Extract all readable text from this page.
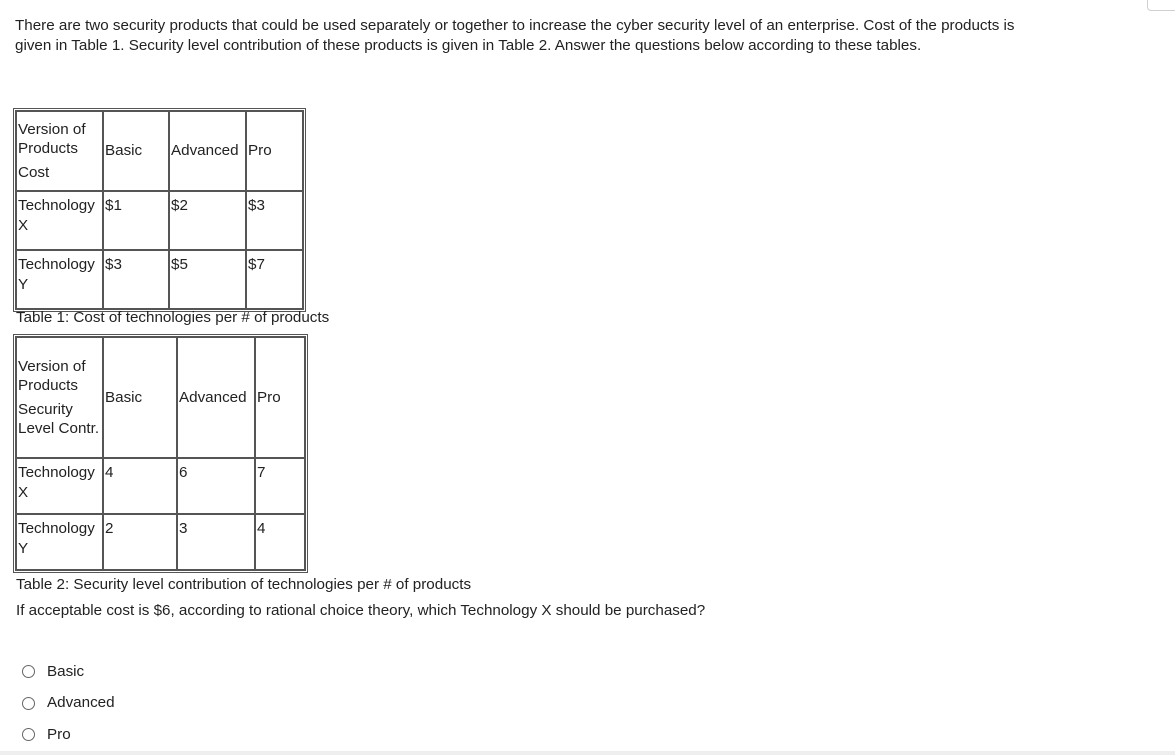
There are two security products that could be used separately or together to increase the cyber security level of an enterprise. Cost of the products is given in Table 1. Security level contribution of these products is given in Table 2. Answer the questions below according to these tables.
Version of Products
Cost	Basic	Advanced	Pro
Technology X	$1	$2	$3
Technology Y	$3	$5	$7
Table 1: Cost of technologies per # of products
Version of Products
Security Level Contr.	Basic	Advanced	Pro
Technology X	4	6	7
Technology Y	2	3	4
Table 2: Security level contribution of technologies per # of products
If acceptable cost is $6, according to rational choice theory, which Technology X should be purchased?
Basic
Advanced
Pro
